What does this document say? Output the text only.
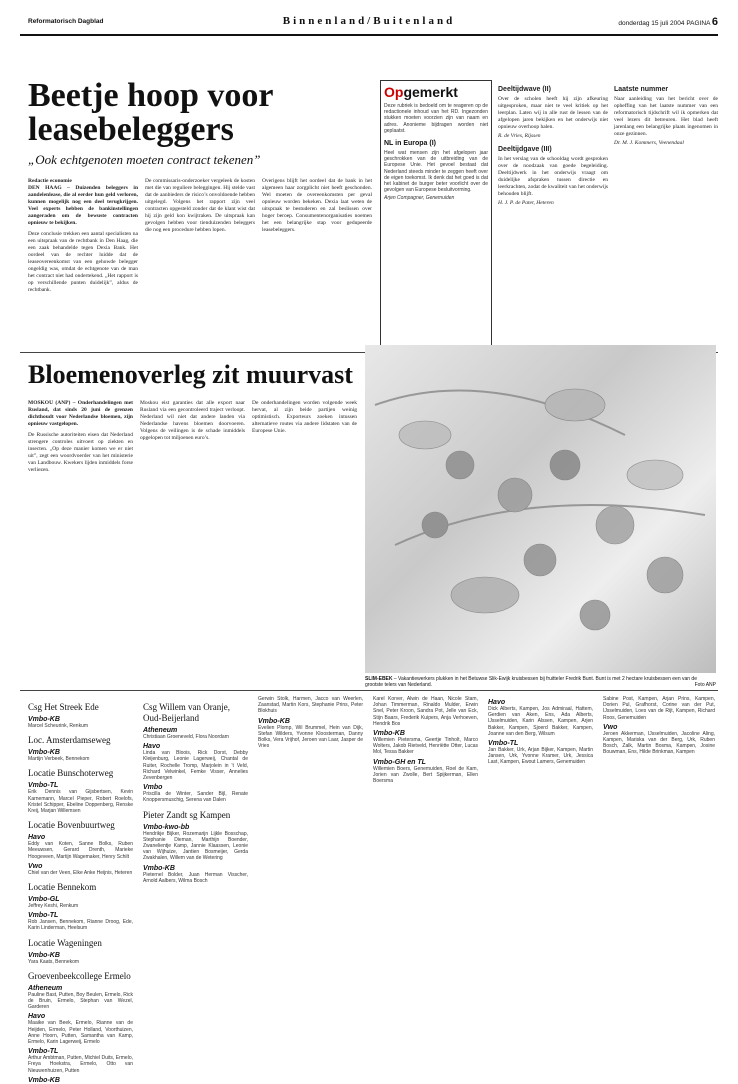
Reformatorisch Dagblad	Binnenland/Buitenland	donderdag 15 juli 2004 PAGINA 6
Beetje hoop voor leasebeleggers
„Ook echtgenoten moeten contract tekenen”
Redactie economie
DEN HAAG – Duizenden beleggers in aandelenlease, die al eerder hun geld verloren, kunnen mogelijk nog een deel terugkrijgen. Veel experts hebben de bankinstellingen aangeraden om de bewuste contracten opnieuw te bekijken.
Deze conclusie trekken een aantal specialisten na een uitspraak van de rechtbank in Den Haag, die een zaak behandelde tegen Dexia Bank. Het oordeel van de rechter luidde dat de leaseovereenkomst van een gehuwde belegger ongeldig was, omdat de echtgenote van de man het contract niet had ondertekend. „Het rapport is op verschillende punten duidelijk”, aldus de rechtbank.
De commissaris-onderzoeker vergeleek de kosten met die van reguliere beleggingen. Hij stelde vast dat de aanbieders de risico’s onvoldoende hebben uitgelegd. Volgens het rapport zijn veel contracten opgesteld zonder dat de klant wist dat hij zijn geld kon kwijtraken. De uitspraak kan gevolgen hebben voor tienduizenden beleggers die nog een procedure hebben lopen.
Overigens blijft het oordeel dat de bank in het algemeen haar zorgplicht niet heeft geschonden. Wel moeten de overeenkomsten per geval opnieuw worden bekeken. Dexia laat weten de uitspraak te bestuderen en zal beslissen over hoger beroep. Consumentenorganisaties noemen het een belangrijke stap voor gedupeerde leasebeleggers.
Opgemerkt
Deze rubriek is bedoeld om te reageren op de redactionele inhoud van het RD. Ingezonden stukken moeten voorzien zijn van naam en adres. Anonieme bijdragen worden niet geplaatst.
NL in Europa (I)
Heel wat mensen zijn het afgelopen jaar geschrokken van de uitbreiding van de Europese Unie. Het gevoel bestaat dat Nederland steeds minder te zeggen heeft over de eigen toekomst. Ik denk dat het goed is dat het kabinet de burger beter voorlicht over de gevolgen van Europese besluitvorming.
Arjen Compagner, Genemuiden
Deeltijdwave (II)
Over de scholen heeft hij zijn afkeuring uitgesproken, maar niet te veel kritiek op het leerplan. Laten wij in alle rust de lessen van de afgelopen jaren bekijken en het onderwijs niet opnieuw overhoop halen.
R. de Vries, Rijssen
Deeltijdgave (III)
In het verslag van de schooldag wordt gesproken over de noodzaak van goede begeleiding. Deeltijdwerk in het onderwijs vraagt om duidelijke afspraken tussen directie en leerkrachten, zodat de kwaliteit van het onderwijs behouden blijft.
H. J. P. de Pater, Heteren
Laatste nummer
Naar aanleiding van het bericht over de opheffing van het laatste nummer van een reformatorisch tijdschrift wil ik opmerken dat veel lezers dit betreuren. Het blad heeft jarenlang een belangrijke plaats ingenomen in onze gezinnen.
Dr. M. J. Kommers, Veenendaal
Bloemenoverleg zit muurvast
MOSKOU (ANP) – Onderhandelingen met Rusland, dat sinds 20 juni de grenzen dichthoudt voor Nederlandse bloemen, zijn opnieuw vastgelopen.
De Russische autoriteiten eisen dat Nederland strengere controles uitvoert op ziekten en insecten. „Op deze manier komen we er niet uit”, zegt een woordvoerder van het ministerie van Landbouw. Kwekers lijden inmiddels forse verliezen.
Moskou eist garanties dat alle export naar Rusland via een gecontroleerd traject verloopt. Nederland wil niet dat andere landen via Nederlandse havens bloemen doorvoeren. Volgens de veilingen is de schade inmiddels opgelopen tot miljoenen euro’s.
De onderhandelingen worden volgende week hervat, al zijn beide partijen weinig optimistisch. Exporteurs zoeken intussen alternatieve routes via andere lidstaten van de Europese Unie.
SLIM-EBEK – Vakantiewerkers plukken in het Betuwse Slik-Ewijk kruisbessen bij fruitteler Fredrik Bunt. Bunt is met 2 hectare kruisbessen een van de grootste telers van Nederland.	Foto ANP
Csg Het Streek Ede
Vmbo-KB
Marcel Scheurink, Renkum
Loc. Amsterdamseweg
Vmbo-KB
Martijn Verbeek, Bennekom
Locatie Bunschoterweg
Vmbo-TL
Erik Dennis van Gijsbertsen, Kevin Karnemann, Marcel Pieper, Robert Roelofs, Kristel Schipper, Ebeline Doppenberg, Renske Kreij, Marjan Willemsen
Locatie Bovenbuurtweg
Havo
Eddy van Koten, Sanne Bolks, Ruben Meeuwsen, Gerard Drenth, Marieke Hoogeveen, Martijn Wagemaker, Henry Schilt
Vwo
Chiel van der Veen, Elke Anke Heijnis, Heteren
Locatie Bennekom
Vmbo-GL
Jeffrey Keshi, Renkum
Vmbo-TL
Rob Jansen, Bennekom, Rianne Droog, Ede, Karin Linderman, Heelsum
Locatie Wageningen
Vmbo-KB
Yara Kaats, Bennekom
Groevenbeekcollege Ermelo
Atheneum
Pauline Bast, Putten, Boy Beulen, Ermelo, Rick de Bruin, Ermelo, Stephan van Wezel, Garderen
Havo
Maaike van Beek, Ermelo, Rianne van de Heijden, Ermelo, Peter Holland, Voorthuizen, Anne Hoorn, Putten, Samantha van Kamp, Ermelo, Karin Lagerweij, Ermelo
Vmbo-TL
Arthur Ambtman, Putten, Michiel Duits, Ermelo, Freya Hoekstra, Ermelo, Otto van Nieuwenhuizen, Putten
Vmbo-KB
Csg Willem van Oranje, Oud-Beijerland
Atheneum
Christiaan Groeneveld, Flora Noordam
Havo
Linda van Bloois, Rick Dorst, Debby Kleijenburg, Leonie Lagerweij, Chantal de Ruiter, Rochelle Tromp, Marjolein in 't Veld, Richard Velwinkel, Femke Visser, Annelies Zevenbergen
Vmbo
Priscilla de Winter, Sander Bijl, Renate Knoppersmuschig, Serena van Dalen
Pieter Zandt sg Kampen
Vmbo-kwo-bb
Hendrikje Bijker, Rozemarijn Lijkle Bosschap, Stephanie Dieman, Marthijn Boender, Zwanelientje Kamp, Jannie Klaassen, Leonie van Wijhuize, Jantien Bosmeijer, Gerda Zwakhalen, Willem van de Wetering
Vmbo-KB
Pieternel Bolder, Juan Herman Visscher, Arnold Aalbers, Wilma Bosch
Gerwin Stolk, Harmen, Jacco van Weerlen, Zaanstad, Martin Kors, Stephanie Prins, Peter Blokhuis
Vmbo-KB
Evelien Plomp, Wil Brummel, Hein van Dijk, Stefan Wilders, Yvonne Kloosterman, Danny Bolks, Vera Vrijhof, Jeroen van Laar, Jasper de Vries
Karel Korver, Alwin de Haan, Nicole Stam, Johan Timmerman, Rinaldo Mulder, Erwin Snel, Peter Kroon, Sandra Pot, Jelle van Eck, Stijn Baars, Frederik Kuipers, Anja Verhoeven, Hendrik Bos
Vmbo-KB
Willemien Pietersma, Geertje Tinholt, Marco Wolters, Jakob Rietveld, Henriëtte Otter, Lucas Mol, Tessa Bakker
Vmbo-GH en TL
Willemien Boers, Genemuiden, Roel de Kam, Jorien van Zwolle, Bert Spijkerman, Ellen Boersma
Havo
Dick Alberts, Kampen, Jos Admiraal, Hattem, Gerdien van Aken, Ens, Ada Alberts, IJsselmuiden, Karin Alssen, Kampen, Arjen Bakker, Kampen, Sjoerd Bakker, Kampen, Joanne van den Berg, Wilsum
Vmbo-TL
Jan Bakker, Urk, Arjan Bijker, Kampen, Martin Jansen, Urk, Yvonne Kramer, Urk, Jessica Last, Kampen, Ewout Lamers, Genemuiden
Sabine Post, Kampen, Arjan Prins, Kampen, Dorien Pul, Grafhorst, Corine van der Put, IJsselmuiden, Loes van de Rijt, Kampen, Richard Roos, Genemuiden
Vwo
Jeroen Akkerman, IJsselmuiden, Jacoline Aling, Kampen, Mariska van der Berg, Urk, Ruben Bosch, Zalk, Martin Bosma, Kampen, Josine Bouwman, Ens, Hilde Brinkman, Kampen
